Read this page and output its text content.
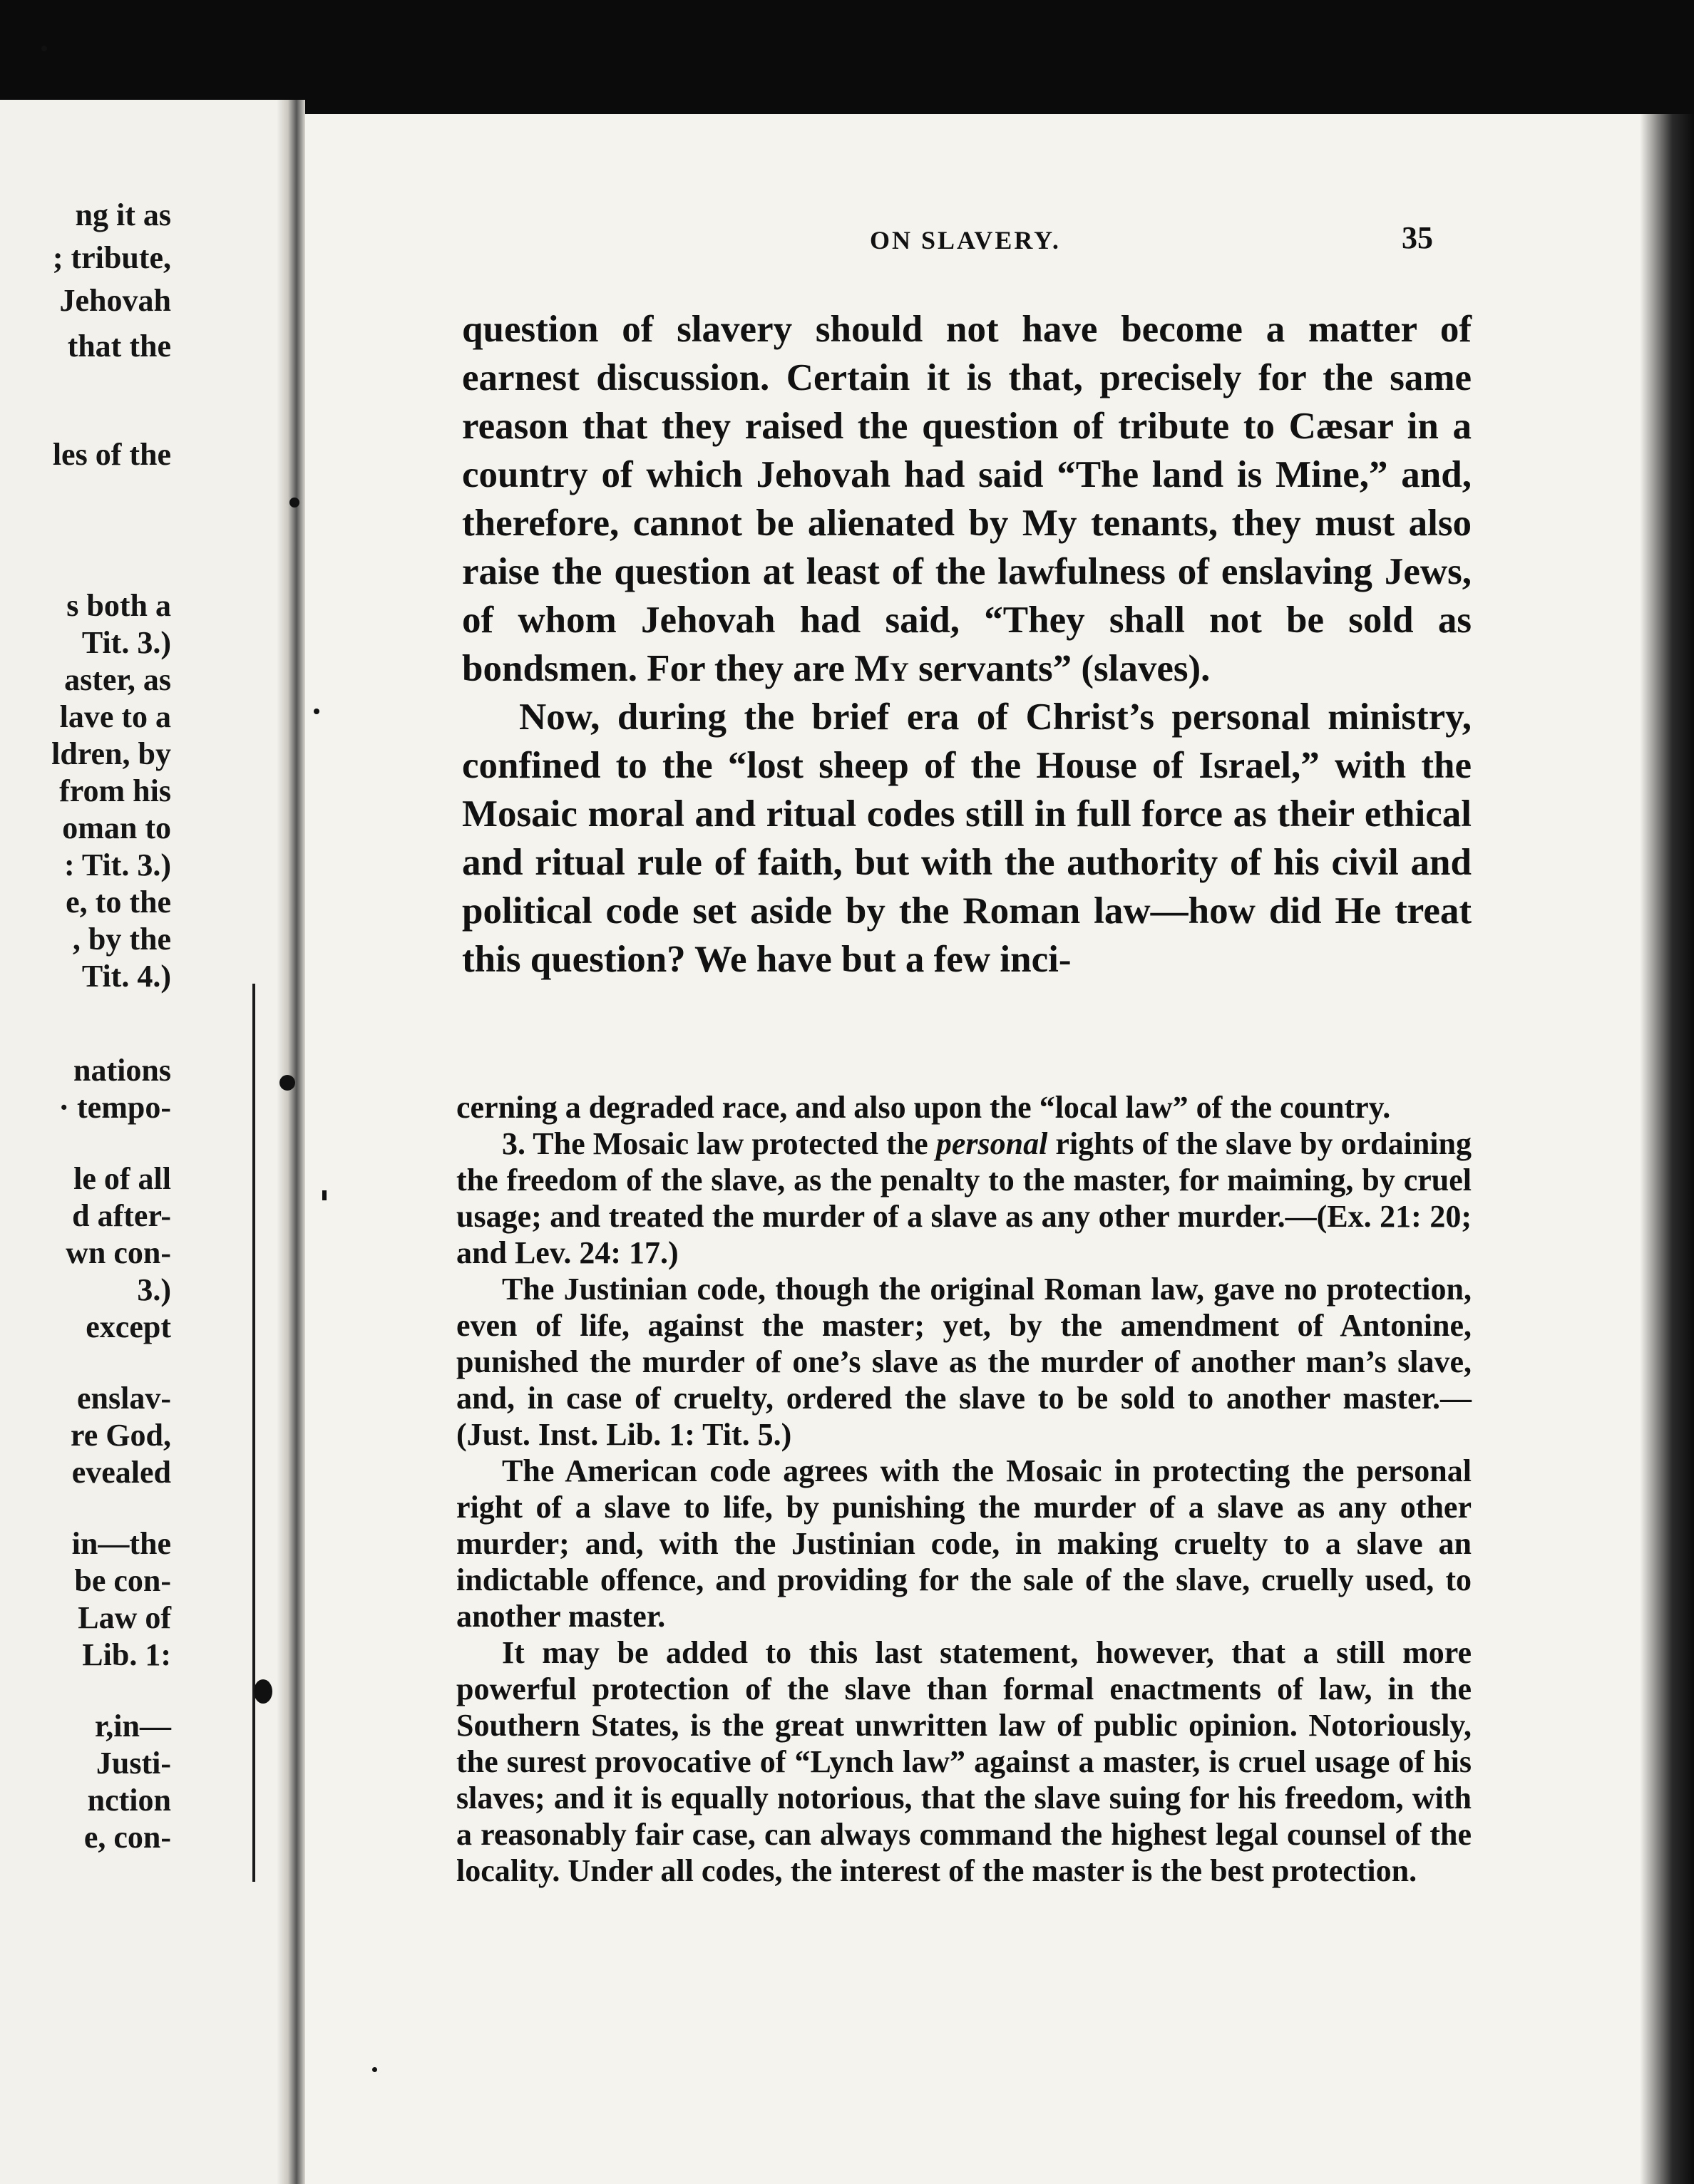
ng it as
; tribute,
Jehovah
that the
les of the
s both a
Tit. 3.)
aster, as
lave to a
ldren, by
from his
oman to
: Tit. 3.)
e, to the
, by the
Tit. 4.)
nations
· tempo-
le of all
d after-
wn con-
3.)
except
enslav-
re God,
evealed
in—the
be con-
Law of
Lib. 1:
r,in—
Justi-
nction
e, con-
ﾠ
ON SLAVERY.	35

question of slavery should not have become a matter of earnest discussion. Certain it is that, precisely for the same reason that they raised the question of tribute to Cæsar in a country of which Jehovah had said “The land is Mine,” and, therefore, cannot be alienated by My tenants, they must also raise the question at least of the lawfulness of enslaving Jews, of whom Jehovah had said, “They shall not be sold as bondsmen. For they are My servants” (slaves).

Now, during the brief era of Christ’s personal ministry, confined to the “lost sheep of the House of Israel,” with the Mosaic moral and ritual codes still in full force as their ethical and ritual rule of faith, but with the authority of his civil and political code set aside by the Roman law—how did He treat this question? We have but a few inci-

cerning a degraded race, and also upon the “local law” of the country.

3. The Mosaic law protected the personal rights of the slave by ordaining the freedom of the slave, as the penalty to the master, for maiming, by cruel usage; and treated the murder of a slave as any other murder.—(Ex. 21: 20; and Lev. 24: 17.)

The Justinian code, though the original Roman law, gave no protection, even of life, against the master; yet, by the amendment of Antonine, punished the murder of one’s slave as the murder of another man’s slave, and, in case of cruelty, ordered the slave to be sold to another master.—(Just. Inst. Lib. 1: Tit. 5.)

The American code agrees with the Mosaic in protecting the personal right of a slave to life, by punishing the murder of a slave as any other murder; and, with the Justinian code, in making cruelty to a slave an indictable offence, and providing for the sale of the slave, cruelly used, to another master.

It may be added to this last statement, however, that a still more powerful protection of the slave than formal enactments of law, in the Southern States, is the great unwritten law of public opinion. Notoriously, the surest provocative of “Lynch law” against a master, is cruel usage of his slaves; and it is equally notorious, that the slave suing for his freedom, with a reasonably fair case, can always command the highest legal counsel of the locality. Under all codes, the interest of the master is the best protection.
